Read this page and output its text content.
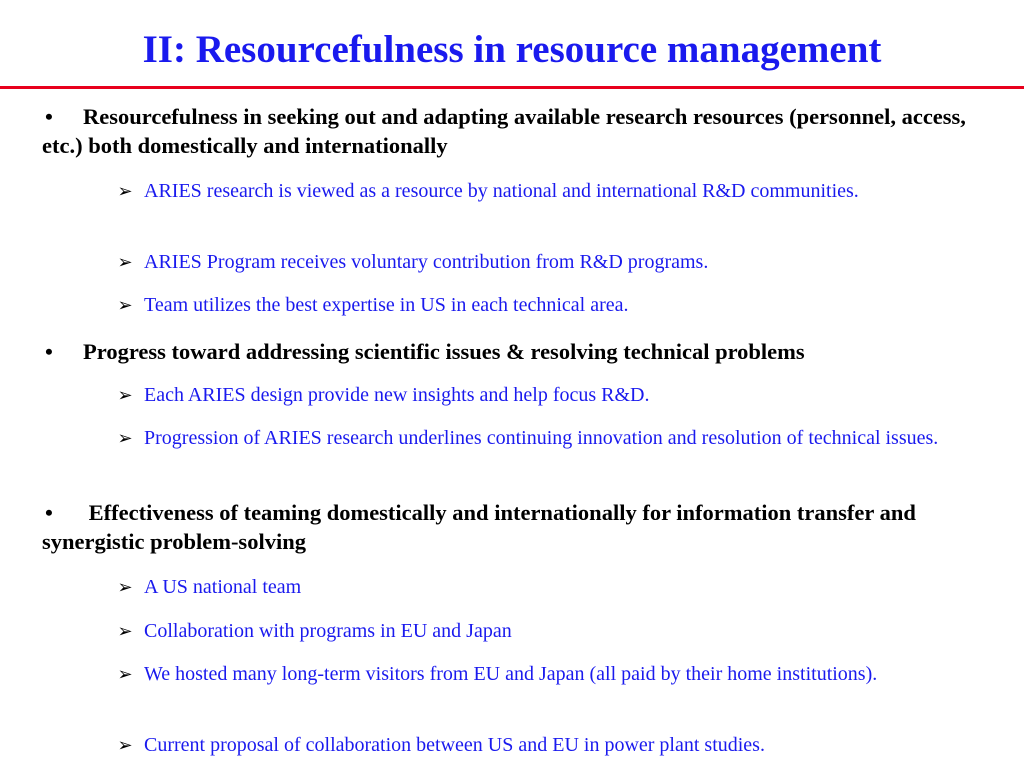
II: Resourcefulness in resource management
• Resourcefulness in seeking out and adapting available research resources (personnel, access, etc.) both domestically and internationally
➢ ARIES research is viewed as a resource by national and international R&D communities.
➢ ARIES Program receives voluntary contribution from R&D programs.
➢ Team utilizes the best expertise in US in each technical area.
• Progress toward addressing scientific issues & resolving technical problems
➢ Each ARIES design provide new insights and help focus R&D.
➢ Progression of ARIES research underlines continuing innovation and resolution of technical issues.
• Effectiveness of teaming domestically and internationally for information transfer and synergistic problem-solving
➢ A US national team
➢ Collaboration with programs in EU and Japan
➢ We hosted many long-term visitors from EU and Japan (all paid by their home institutions).
➢ Current proposal of collaboration between US and EU in power plant studies.
